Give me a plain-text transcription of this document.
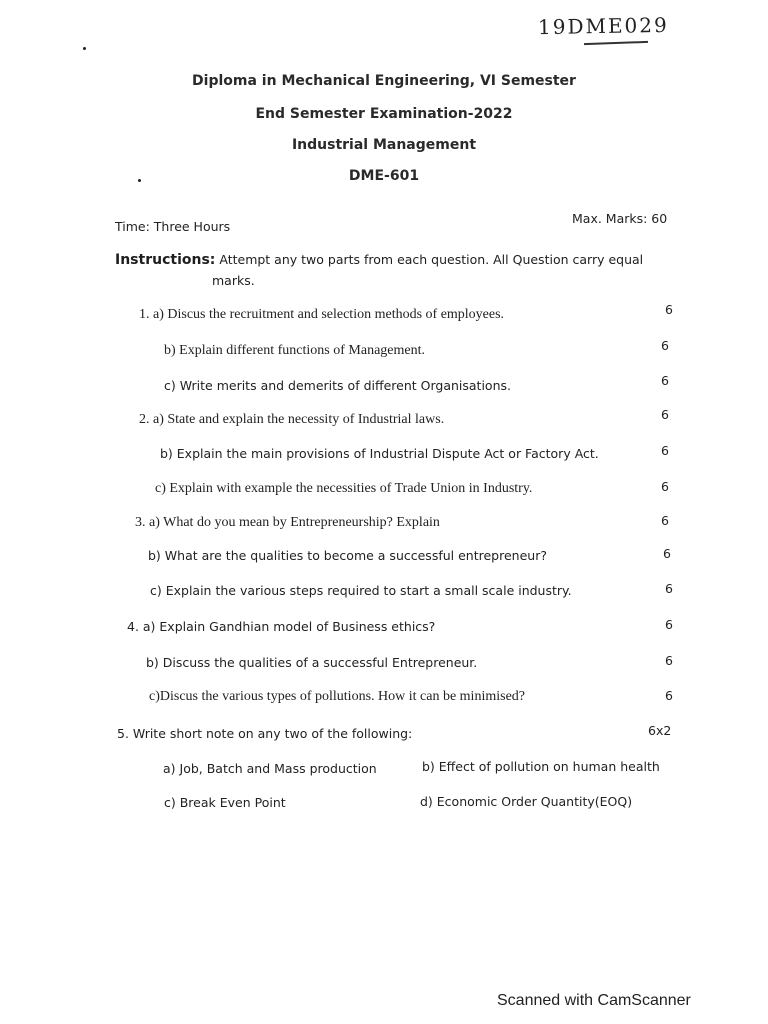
19DME029
Diploma in Mechanical Engineering, VI Semester
End Semester Examination-2022
Industrial Management
DME-601
Time: Three Hours
Max. Marks: 60
Instructions: Attempt any two parts from each question. All Question carry equal
marks.
1. a) Discus the recruitment and selection methods of employees.	6
b) Explain different functions of Management.	6
c) Write merits and demerits of different Organisations.	6
2. a) State and explain the necessity of Industrial laws.	6
b) Explain the main provisions of Industrial Dispute Act or Factory Act.	6
c) Explain with example the necessities of Trade Union in Industry.	6
3. a) What do you mean by Entrepreneurship? Explain	6
b) What are the qualities to become a successful entrepreneur?	6
c) Explain the various steps required to start a small scale industry.	6
4. a) Explain Gandhian model of Business ethics?	6
b) Discuss the qualities of a successful Entrepreneur.	6
c)Discus the various types of pollutions. How it can be minimised?	6
5. Write short note on any two of the following:	6x2
a) Job, Batch and Mass production	b) Effect of pollution on human health
c) Break Even Point	d) Economic Order Quantity(EOQ)
Scanned with CamScanner
